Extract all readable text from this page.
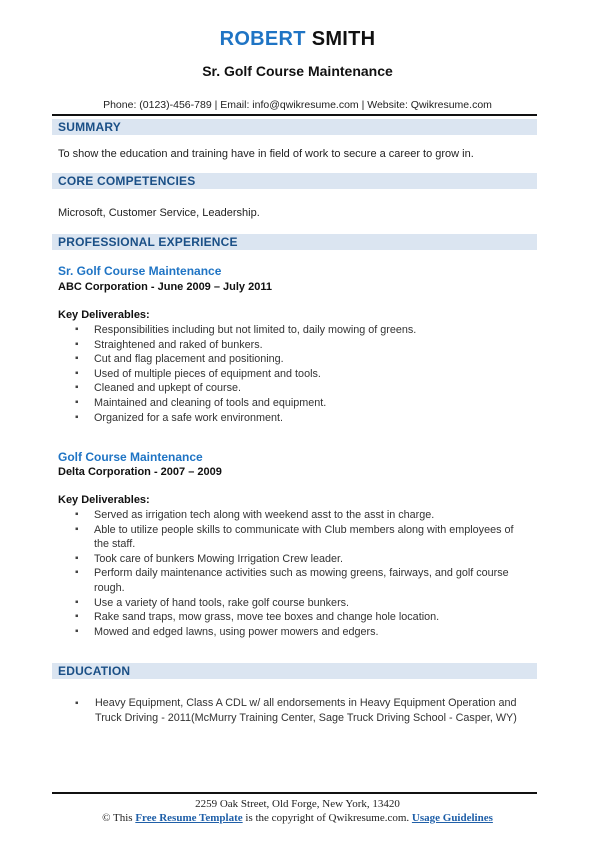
ROBERT SMITH
Sr. Golf Course Maintenance
Phone: (0123)-456-789 | Email: info@qwikresume.com | Website: Qwikresume.com
SUMMARY
To show the education and training have in field of work to secure a career to grow in.
CORE COMPETENCIES
Microsoft, Customer Service, Leadership.
PROFESSIONAL EXPERIENCE
Sr. Golf Course Maintenance
ABC Corporation - June 2009 – July 2011
Key Deliverables:
▪ Responsibilities including but not limited to, daily mowing of greens.
▪ Straightened and raked of bunkers.
▪ Cut and flag placement and positioning.
▪ Used of multiple pieces of equipment and tools.
▪ Cleaned and upkept of course.
▪ Maintained and cleaning of tools and equipment.
▪ Organized for a safe work environment.
Golf Course Maintenance
Delta Corporation - 2007 – 2009
Key Deliverables:
▪ Served as irrigation tech along with weekend asst to the asst in charge.
▪ Able to utilize people skills to communicate with Club members along with employees of the staff.
▪ Took care of bunkers Mowing Irrigation Crew leader.
▪ Perform daily maintenance activities such as mowing greens, fairways, and golf course rough.
▪ Use a variety of hand tools, rake golf course bunkers.
▪ Rake sand traps, mow grass, move tee boxes and change hole location.
▪ Mowed and edged lawns, using power mowers and edgers.
EDUCATION
▪	Heavy Equipment, Class A CDL w/ all endorsements in Heavy Equipment Operation and Truck Driving - 2011(McMurry Training Center, Sage Truck Driving School - Casper, WY)
2259 Oak Street, Old Forge, New York, 13420
© This Free Resume Template is the copyright of Qwikresume.com. Usage Guidelines
